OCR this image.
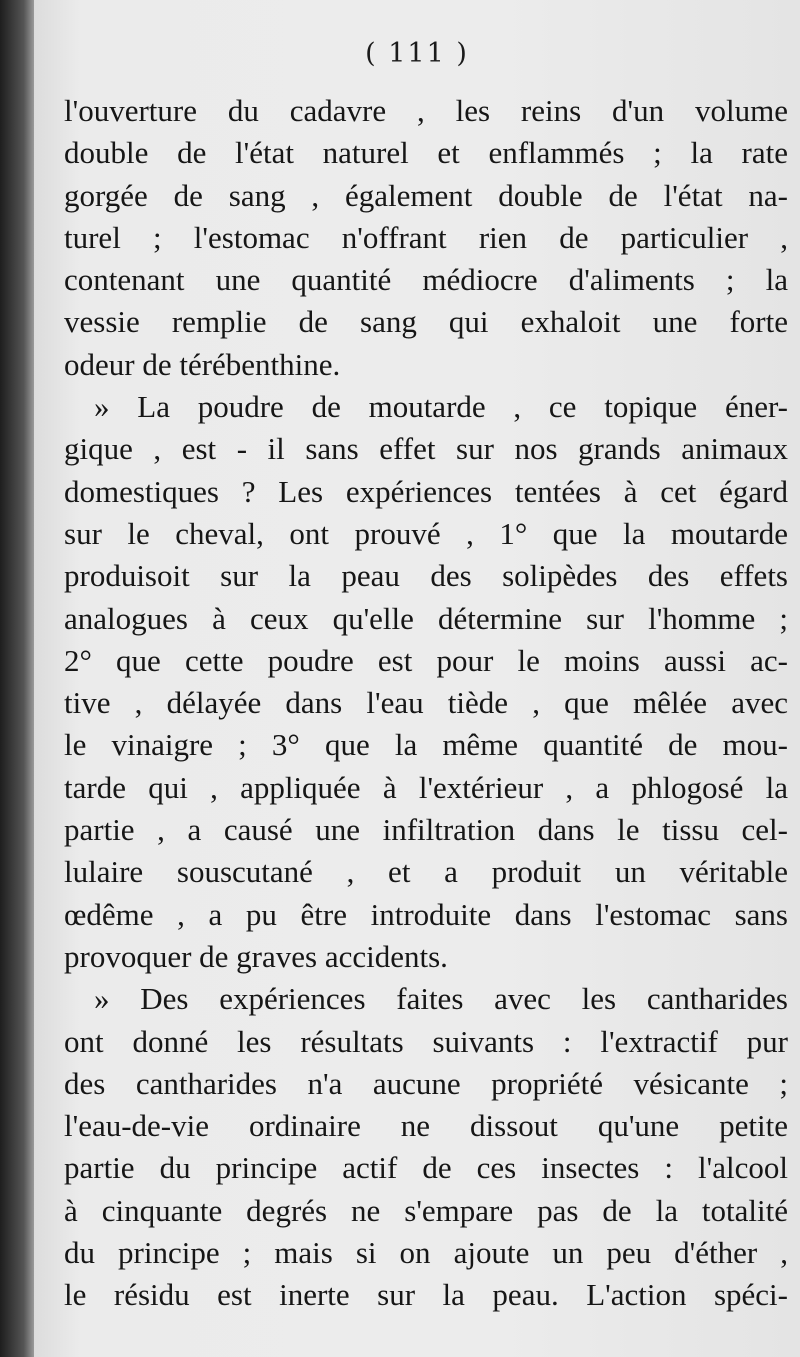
( 111 )
l'ouverture du cadavre , les reins d'un volume
double de l'état naturel et enflammés ; la rate
gorgée de sang , également double de l'état na-
turel ; l'estomac n'offrant rien de particulier ,
contenant une quantité médiocre d'aliments ; la
vessie remplie de sang qui exhaloit une forte
odeur de térébenthine.
» La poudre de moutarde , ce topique éner-
gique , est - il sans effet sur nos grands animaux
domestiques ? Les expériences tentées à cet égard
sur le cheval, ont prouvé , 1° que la moutarde
produisoit sur la peau des solipèdes des effets
analogues à ceux qu'elle détermine sur l'homme ;
2° que cette poudre est pour le moins aussi ac-
tive , délayée dans l'eau tiède , que mêlée avec
le vinaigre ; 3° que la même quantité de mou-
tarde qui , appliquée à l'extérieur , a phlogosé la
partie , a causé une infiltration dans le tissu cel-
lulaire souscutané , et a produit un véritable
œdême , a pu être introduite dans l'estomac sans
provoquer de graves accidents.
» Des expériences faites avec les cantharides
ont donné les résultats suivants : l'extractif pur
des cantharides n'a aucune propriété vésicante ;
l'eau-de-vie ordinaire ne dissout qu'une petite
partie du principe actif de ces insectes : l'alcool
à cinquante degrés ne s'empare pas de la totalité
du principe ; mais si on ajoute un peu d'éther ,
le résidu est inerte sur la peau. L'action spéci-
